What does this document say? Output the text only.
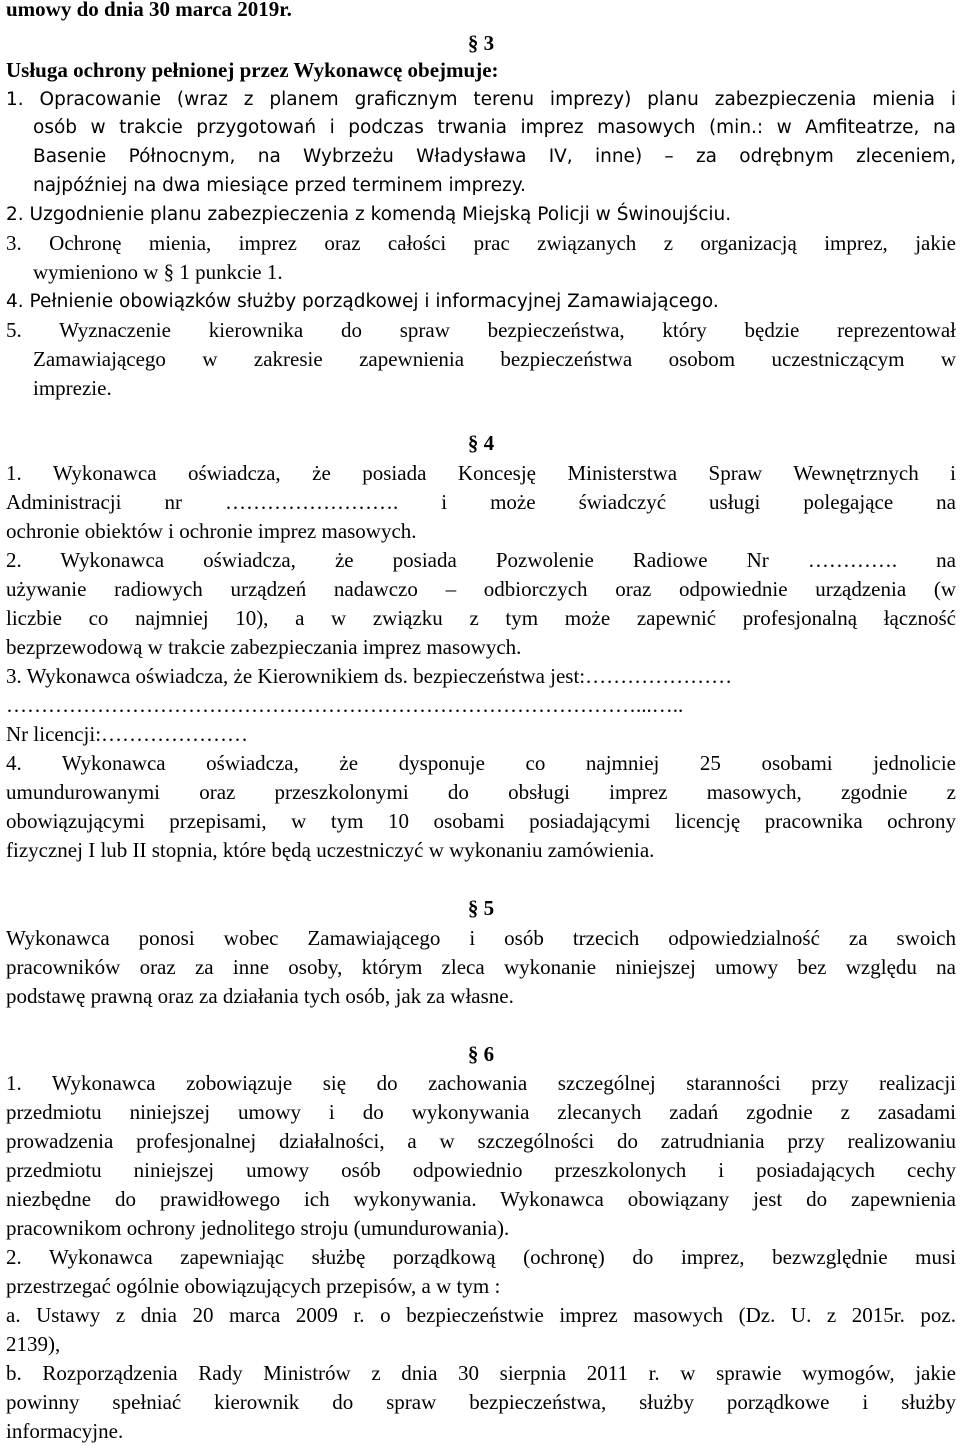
umowy do dnia 30 marca 2019r.
§ 3
Usługa ochrony pełnionej przez Wykonawcę obejmuje:
1. Opracowanie (wraz z planem graficznym terenu imprezy) planu zabezpieczenia mienia i
osób w trakcie przygotowań i podczas trwania imprez masowych (min.: w Amfiteatrze, na
Basenie Północnym, na Wybrzeżu Władysława IV, inne) – za odrębnym zleceniem,
najpóźniej na dwa miesiące przed terminem imprezy.
2. Uzgodnienie planu zabezpieczenia z komendą Miejską Policji w Świnoujściu.
3. Ochronę mienia, imprez oraz całości prac związanych z organizacją imprez, jakie
wymieniono w § 1 punkcie 1.
4. Pełnienie obowiązków służby porządkowej i informacyjnej Zamawiającego.
5. Wyznaczenie kierownika do spraw bezpieczeństwa, który będzie reprezentował
Zamawiającego w zakresie zapewnienia bezpieczeństwa osobom uczestniczącym w
imprezie.
§ 4
1. Wykonawca oświadcza, że posiada Koncesję Ministerstwa Spraw Wewnętrznych i
Administracji nr ……………………. i może świadczyć usługi polegające na
ochronie obiektów i ochronie imprez masowych.
2. Wykonawca oświadcza, że posiada Pozwolenie Radiowe Nr …………. na
używanie radiowych urządzeń nadawczo – odbiorczych oraz odpowiednie urządzenia (w
liczbie co najmniej 10), a w związku z tym może zapewnić profesjonalną łączność
bezprzewodową w trakcie zabezpieczania imprez masowych.
3. Wykonawca oświadcza, że Kierownikiem ds. bezpieczeństwa jest:…………………
………………………………………………………………………………...…..
Nr licencji:…………………
4. Wykonawca oświadcza, że dysponuje co najmniej 25 osobami jednolicie
umundurowanymi oraz przeszkolonymi do obsługi imprez masowych, zgodnie z
obowiązującymi przepisami, w tym 10 osobami posiadającymi licencję pracownika ochrony
fizycznej I lub II stopnia, które będą uczestniczyć w wykonaniu zamówienia.
§ 5
Wykonawca ponosi wobec Zamawiającego i osób trzecich odpowiedzialność za swoich
pracowników oraz za inne osoby, którym zleca wykonanie niniejszej umowy bez względu na
podstawę prawną oraz za działania tych osób, jak za własne.
§ 6
1. Wykonawca zobowiązuje się do zachowania szczególnej staranności przy realizacji
przedmiotu niniejszej umowy i do wykonywania zlecanych zadań zgodnie z zasadami
prowadzenia profesjonalnej działalności, a w szczególności do zatrudniania przy realizowaniu
przedmiotu niniejszej umowy osób odpowiednio przeszkolonych i posiadających cechy
niezbędne do prawidłowego ich wykonywania. Wykonawca obowiązany jest do zapewnienia
pracownikom ochrony jednolitego stroju (umundurowania).
2. Wykonawca zapewniając służbę porządkową (ochronę) do imprez, bezwzględnie musi
przestrzegać ogólnie obowiązujących przepisów, a w tym :
a. Ustawy z dnia 20 marca 2009 r. o bezpieczeństwie imprez masowych (Dz. U. z 2015r. poz.
2139),
b. Rozporządzenia Rady Ministrów z dnia 30 sierpnia 2011 r. w sprawie wymogów, jakie
powinny spełniać kierownik do spraw bezpieczeństwa, służby porządkowe i służby
informacyjne.
